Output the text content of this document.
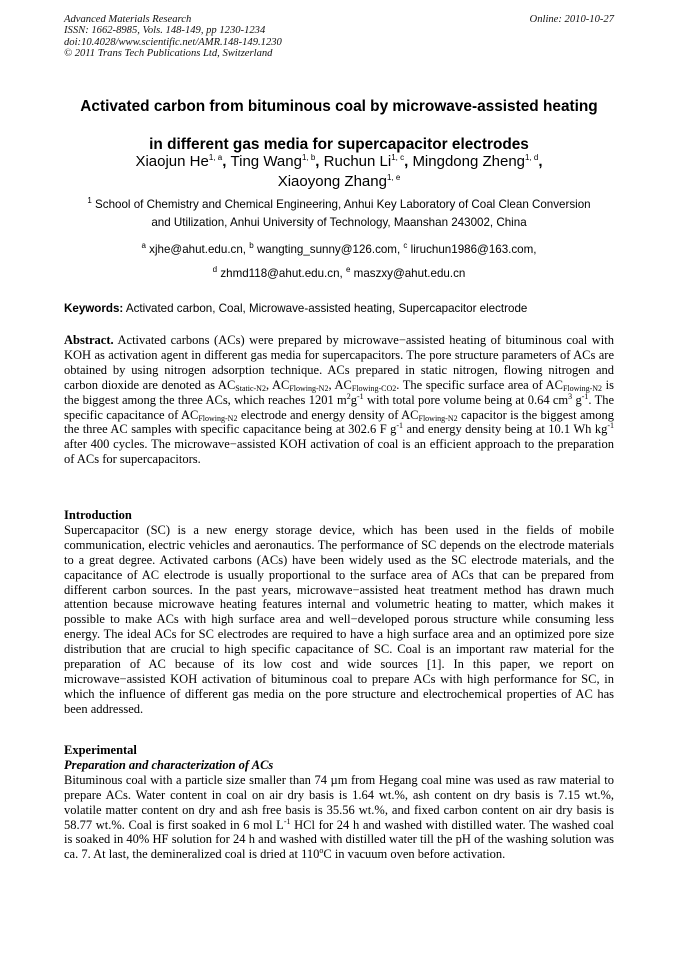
Advanced Materials Research
ISSN: 1662-8985, Vols. 148-149, pp 1230-1234
doi:10.4028/www.scientific.net/AMR.148-149.1230
© 2011 Trans Tech Publications Ltd, Switzerland
Online: 2010-10-27
Activated carbon from bituminous coal by microwave-assisted heating
in different gas media for supercapacitor electrodes
Xiaojun He$^{1, a}$, Ting Wang$^{1, b}$, Ruchun Li$^{1, c}$, Mingdong Zheng$^{1, d}$,
Xiaoyong Zhang$^{1, e}$
$^1$ School of Chemistry and Chemical Engineering, Anhui Key Laboratory of Coal Clean Conversion
and Utilization, Anhui University of Technology, Maanshan 243002, China
$^a$ xjhe@ahut.edu.cn, $^b$ wangting_sunny@126.com, $^c$ liruchun1986@163.com,
$^d$ zhmd118@ahut.edu.cn, $^e$ maszxy@ahut.edu.cn
Keywords: Activated carbon, Coal, Microwave-assisted heating, Supercapacitor electrode

Abstract. Activated carbons (ACs) were prepared by microwave−assisted heating of bituminous coal with KOH as activation agent in different gas media for supercapacitors. The pore structure parameters of ACs are obtained by using nitrogen adsorption technique. ACs prepared in static nitrogen, flowing nitrogen and carbon dioxide are denoted as $AC_{Static-N2}$, $AC_{Flowing-N2}$, $AC_{Flowing-CO2}$. The specific surface area of $AC_{Flowing-N2}$ is the biggest among the three ACs, which reaches 1201 $m^2g^{-1}$ with total pore volume being at 0.64 $cm^3$ $g^{-1}$. The specific capacitance of $AC_{Flowing-N2}$ electrode and energy density of $AC_{Flowing-N2}$ capacitor is the biggest among the three AC samples with specific capacitance being at 302.6 F $g^{-1}$ and energy density being at 10.1 Wh $kg^{-1}$ after 400 cycles. The microwave−assisted KOH activation of coal is an efficient approach to the preparation of ACs for supercapacitors.

Introduction

Supercapacitor (SC) is a new energy storage device, which has been used in the fields of mobile communication, electric vehicles and aeronautics. The performance of SC depends on the electrode materials to a great degree. Activated carbons (ACs) have been widely used as the SC electrode materials, and the capacitance of AC electrode is usually proportional to the surface area of ACs that can be prepared from different carbon sources. In the past years, microwave−assisted heat treatment method has drawn much attention because microwave heating features internal and volumetric heating to matter, which makes it possible to make ACs with high surface area and well−developed porous structure while consuming less energy. The ideal ACs for SC electrodes are required to have a high surface area and an optimized pore size distribution that are crucial to high specific capacitance of SC. Coal is an important raw material for the preparation of AC because of its low cost and wide sources [1]. In this paper, we report on microwave−assisted KOH activation of bituminous coal to prepare ACs with high performance for SC, in which the influence of different gas media on the pore structure and electrochemical properties of AC has been addressed.

Experimental
Preparation and characterization of ACs

Bituminous coal with a particle size smaller than 74 µm from Hegang coal mine was used as raw material to prepare ACs. Water content in coal on air dry basis is 1.64 wt.%, ash content on dry basis is 7.15 wt.%, volatile matter content on dry and ash free basis is 35.56 wt.%, and fixed carbon content on air dry basis is 58.77 wt.%. Coal is first soaked in 6 mol $L^{-1}$ HCl for 24 h and washed with distilled water. The washed coal is soaked in 40% HF solution for 24 h and washed with distilled water till the pH of the washing solution was ca. 7. At last, the demineralized coal is dried at 110$^o$C in vacuum oven before activation.
